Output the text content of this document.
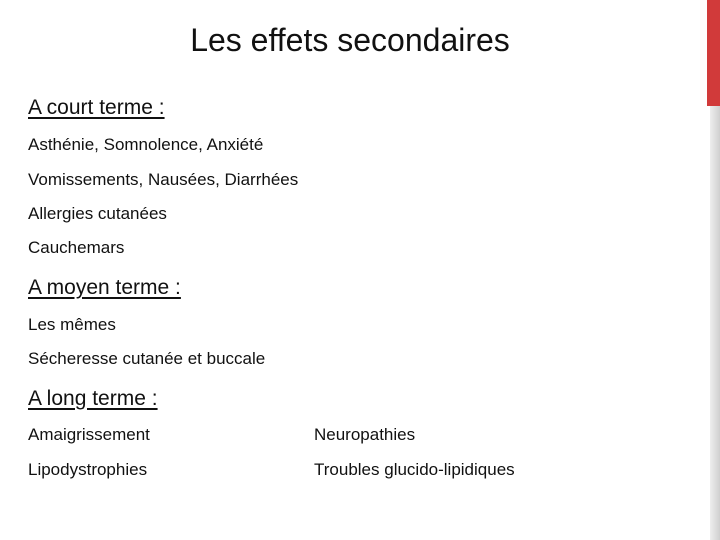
Les effets secondaires
A court terme :
Asthénie, Somnolence, Anxiété
Vomissements, Nausées, Diarrhées
Allergies cutanées
Cauchemars
A moyen terme :
Les mêmes
Sécheresse cutanée et buccale
A long terme :
Amaigrissement	Neuropathies
Lipodystrophies	Troubles glucido-lipidiques
